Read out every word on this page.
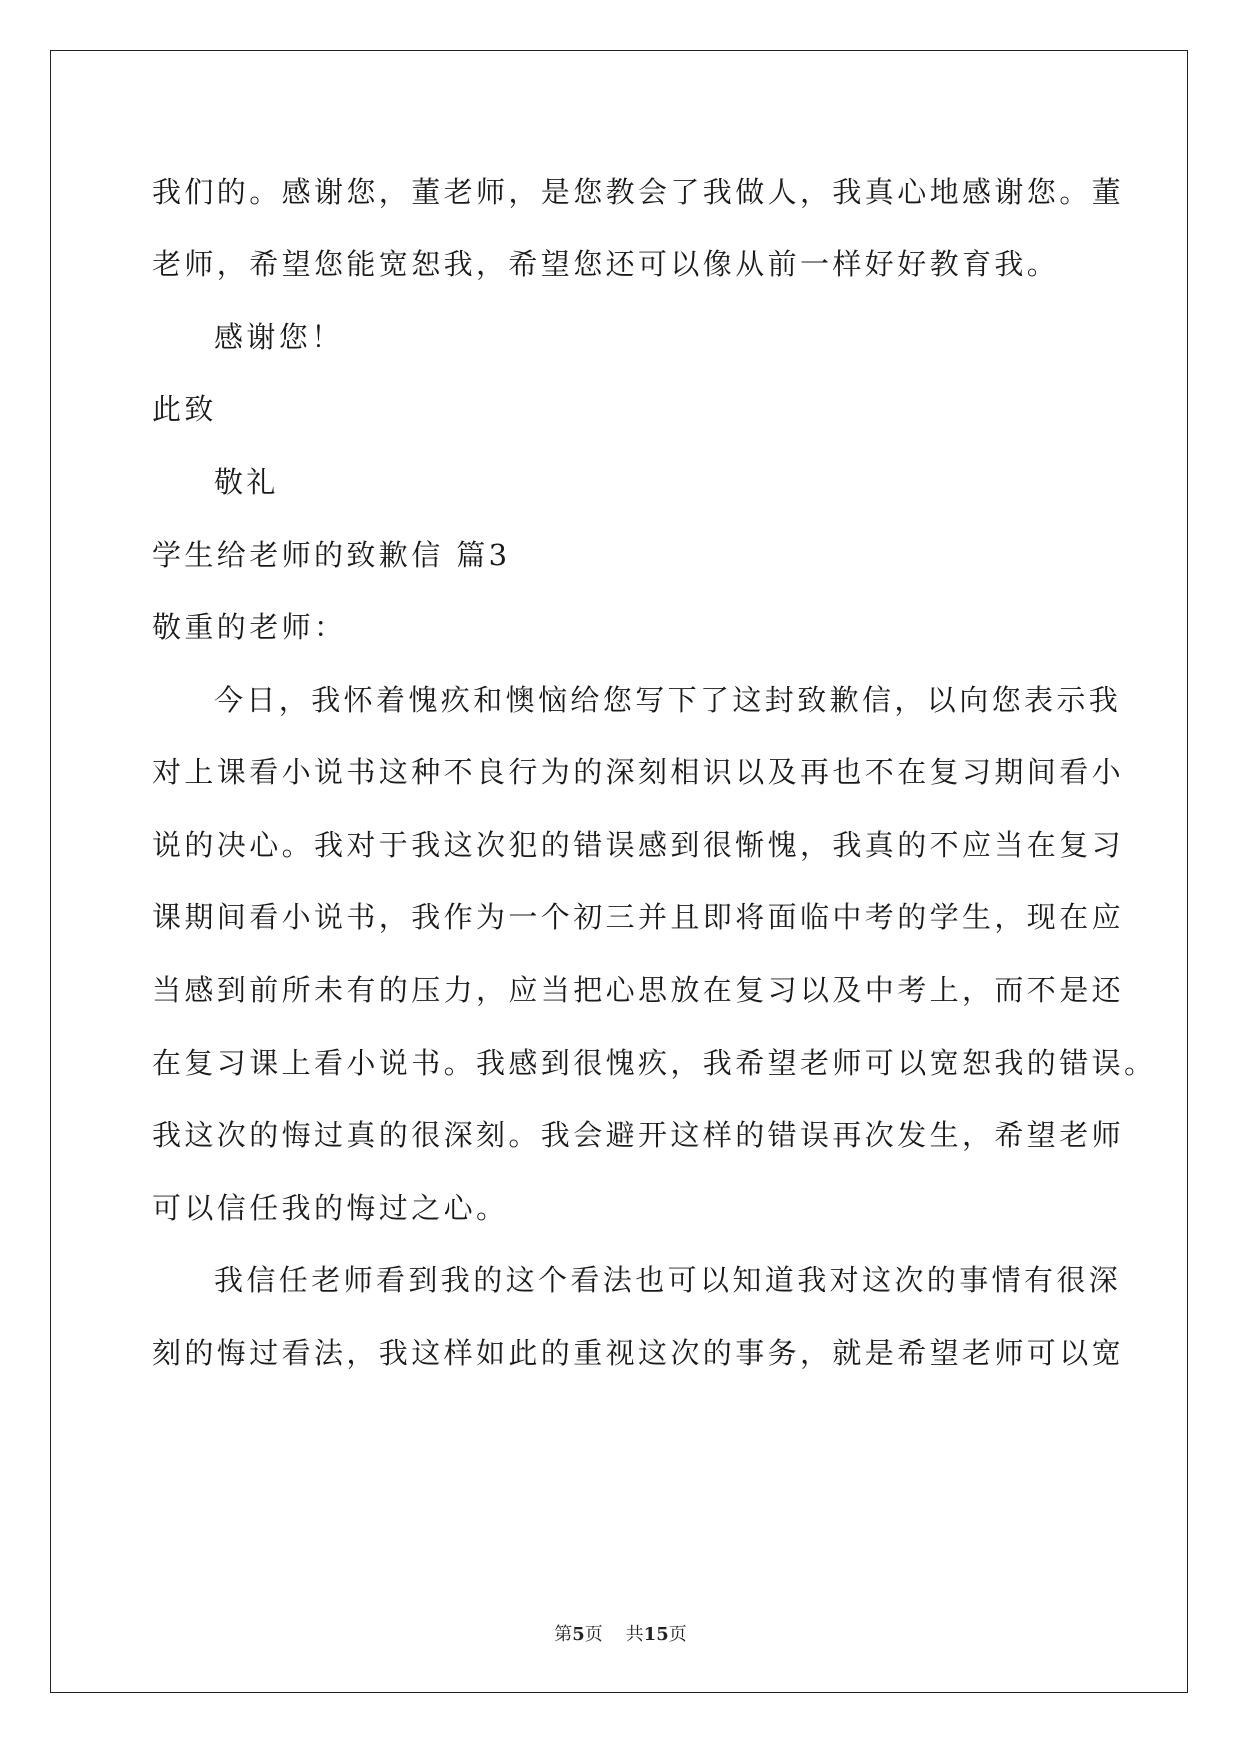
我们的。感谢您，董老师，是您教会了我做人，我真心地感谢您。董
老师，希望您能宽恕我，希望您还可以像从前一样好好教育我。
感谢您！
此致
敬礼
学生给老师的致歉信 篇3
敬重的老师：
今日，我怀着愧疚和懊恼给您写下了这封致歉信，以向您表示我
对上课看小说书这种不良行为的深刻相识以及再也不在复习期间看小
说的决心。我对于我这次犯的错误感到很惭愧，我真的不应当在复习
课期间看小说书，我作为一个初三并且即将面临中考的学生，现在应
当感到前所未有的压力，应当把心思放在复习以及中考上，而不是还
在复习课上看小说书。我感到很愧疚，我希望老师可以宽恕我的错误。
我这次的悔过真的很深刻。我会避开这样的错误再次发生，希望老师
可以信任我的悔过之心。
我信任老师看到我的这个看法也可以知道我对这次的事情有很深
刻的悔过看法，我这样如此的重视这次的事务，就是希望老师可以宽
第5页 共15页
